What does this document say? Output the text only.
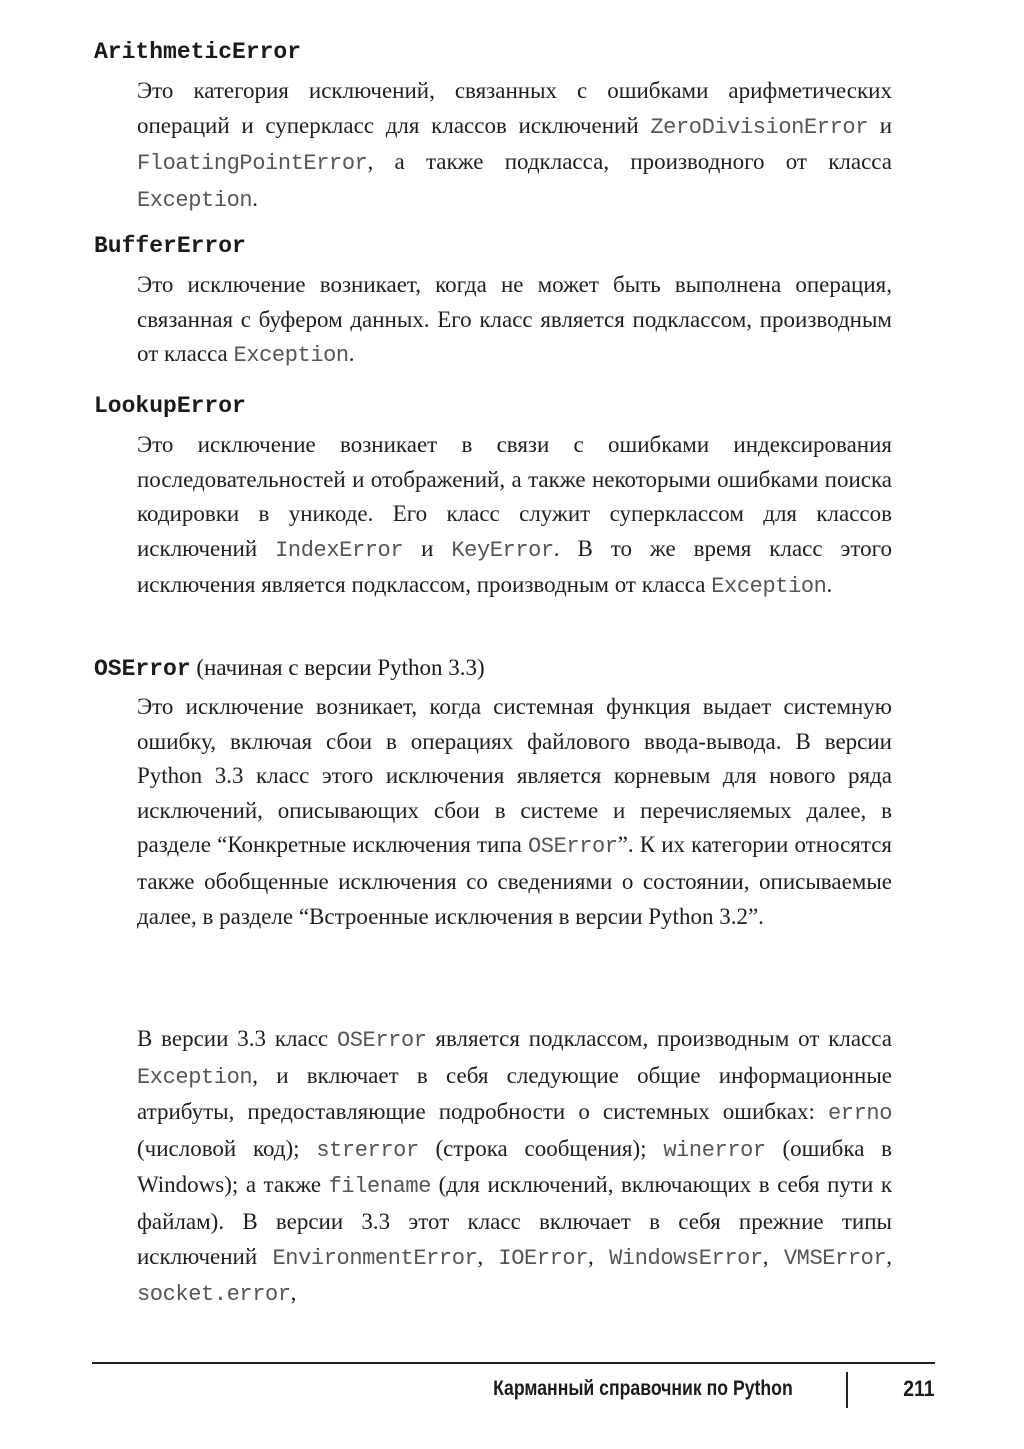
ArithmeticError

Это категория исключений, связанных с ошибками арифметических операций и суперкласс для классов исключений ZeroDivisionError и FloatingPointError, а также подкласса, производного от класса Exception.

BufferError

Это исключение возникает, когда не может быть выполнена операция, связанная с буфером данных. Его класс является подклассом, производным от класса Exception.

LookupError

Это исключение возникает в связи с ошибками индексирования последовательностей и отображений, а также некоторыми ошибками поиска кодировки в уникоде. Его класс служит суперклассом для классов исключений IndexError и KeyError. В то же время класс этого исключения является подклассом, производным от класса Exception.

OSError (начиная с версии Python 3.3)

Это исключение возникает, когда системная функция выдает системную ошибку, включая сбои в операциях файлового ввода-вывода. В версии Python 3.3 класс этого исключения является корневым для нового ряда исключений, описывающих сбои в системе и перечисляемых далее, в разделе “Конкретные исключения типа OSError”. К их категории относятся также обобщенные исключения со сведениями о состоянии, описываемые далее, в разделе “Встроенные исключения в версии Python 3.2”.

В версии 3.3 класс OSError является подклассом, производным от класса Exception, и включает в себя следующие общие информационные атрибуты, предоставляющие подробности о системных ошибках: errno (числовой код); strerror (строка сообщения); winerror (ошибка в Windows); а также filename (для исключений, включающих в себя пути к файлам). В версии 3.3 этот класс включает в себя прежние типы исключений EnvironmentError, IOError, WindowsError, VMSError, socket.error,

Карманный справочник по Python	211
